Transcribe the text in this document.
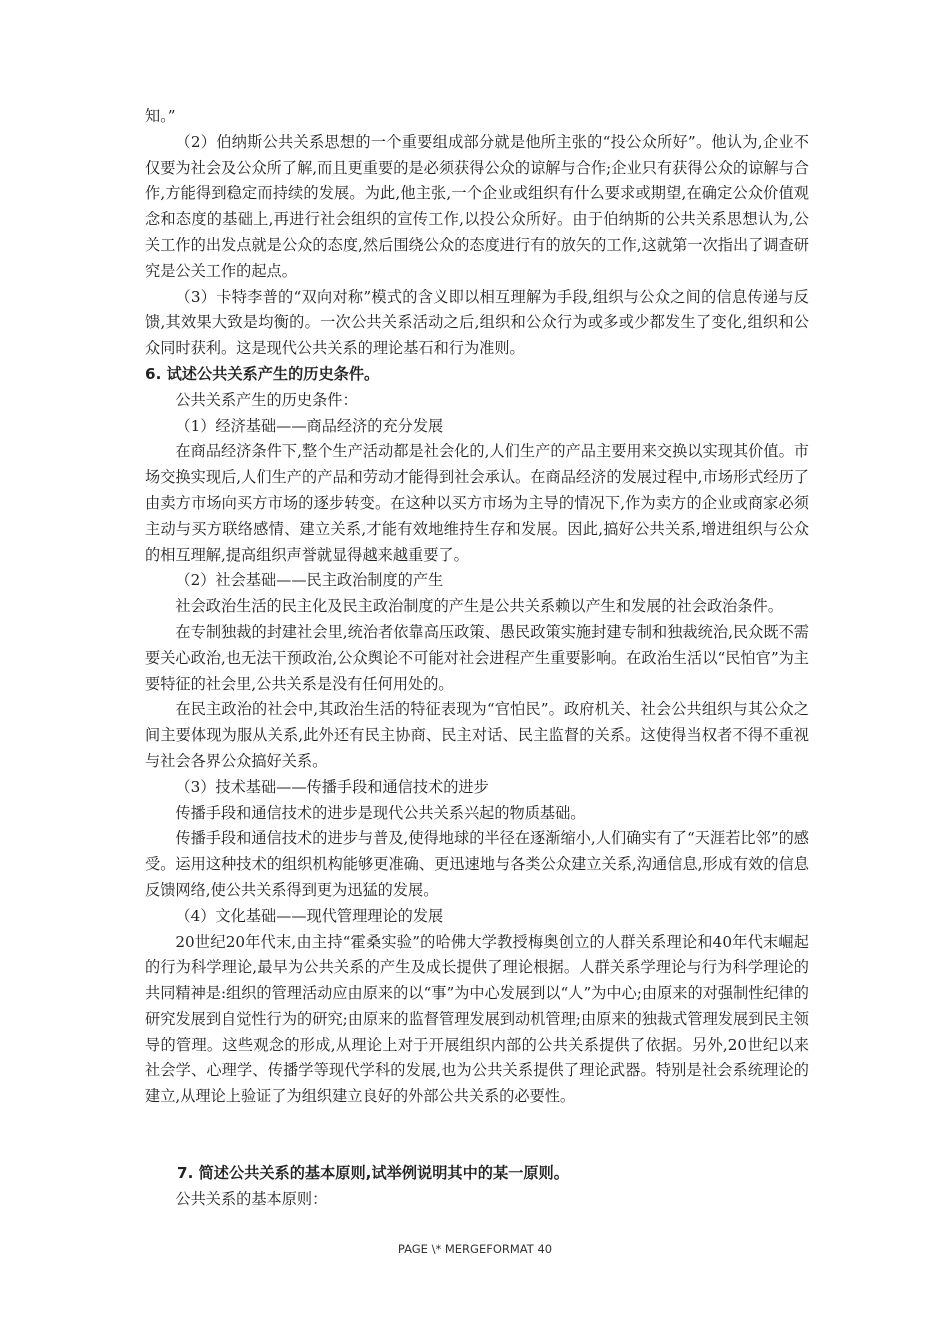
知。”

（2）伯纳斯公共关系思想的一个重要组成部分就是他所主张的“投公众所好”。他认为,企业不仅要为社会及公众所了解,而且更重要的是必须获得公众的谅解与合作;企业只有获得公众的谅解与合作,方能得到稳定而持续的发展。为此,他主张,一个企业或组织有什么要求或期望,在确定公众价值观念和态度的基础上,再进行社会组织的宣传工作,以投公众所好。由于伯纳斯的公共关系思想认为,公关工作的出发点就是公众的态度,然后围绕公众的态度进行有的放矢的工作,这就第一次指出了调查研究是公关工作的起点。

（3）卡特李普的“双向对称”模式的含义即以相互理解为手段,组织与公众之间的信息传递与反馈,其效果大致是均衡的。一次公共关系活动之后,组织和公众行为或多或少都发生了变化,组织和公众同时获利。这是现代公共关系的理论基石和行为准则。

6. 试述公共关系产生的历史条件。

公共关系产生的历史条件：

（1）经济基础——商品经济的充分发展

在商品经济条件下,整个生产活动都是社会化的,人们生产的产品主要用来交换以实现其价值。市场交换实现后,人们生产的产品和劳动才能得到社会承认。在商品经济的发展过程中,市场形式经历了由卖方市场向买方市场的逐步转变。在这种以买方市场为主导的情况下,作为卖方的企业或商家必须主动与买方联络感情、建立关系,才能有效地维持生存和发展。因此,搞好公共关系,增进组织与公众的相互理解,提高组织声誉就显得越来越重要了。

（2）社会基础——民主政治制度的产生

社会政治生活的民主化及民主政治制度的产生是公共关系赖以产生和发展的社会政治条件。

在专制独裁的封建社会里,统治者依靠高压政策、愚民政策实施封建专制和独裁统治,民众既不需要关心政治,也无法干预政治,公众舆论不可能对社会进程产生重要影响。在政治生活以“民怕官”为主要特征的社会里,公共关系是没有任何用处的。

在民主政治的社会中,其政治生活的特征表现为“官怕民”。政府机关、社会公共组织与其公众之间主要体现为服从关系,此外还有民主协商、民主对话、民主监督的关系。这使得当权者不得不重视与社会各界公众搞好关系。

（3）技术基础——传播手段和通信技术的进步

传播手段和通信技术的进步是现代公共关系兴起的物质基础。

传播手段和通信技术的进步与普及,使得地球的半径在逐渐缩小,人们确实有了“天涯若比邻”的感受。运用这种技术的组织机构能够更准确、更迅速地与各类公众建立关系,沟通信息,形成有效的信息反馈网络,使公共关系得到更为迅猛的发展。

（4）文化基础——现代管理理论的发展

20世纪20年代末,由主持“霍桑实验”的哈佛大学教授梅奥创立的人群关系理论和40年代末崛起的行为科学理论,最早为公共关系的产生及成长提供了理论根据。人群关系学理论与行为科学理论的共同精神是:组织的管理活动应由原来的以“事”为中心发展到以“人”为中心;由原来的对强制性纪律的研究发展到自觉性行为的研究;由原来的监督管理发展到动机管理;由原来的独裁式管理发展到民主领导的管理。这些观念的形成,从理论上对于开展组织内部的公共关系提供了依据。另外,20世纪以来社会学、心理学、传播学等现代学科的发展,也为公共关系提供了理论武器。特别是社会系统理论的建立,从理论上验证了为组织建立良好的外部公共关系的必要性。

7. 简述公共关系的基本原则,试举例说明其中的某一原则。

公共关系的基本原则：

PAGE \* MERGEFORMAT 40
